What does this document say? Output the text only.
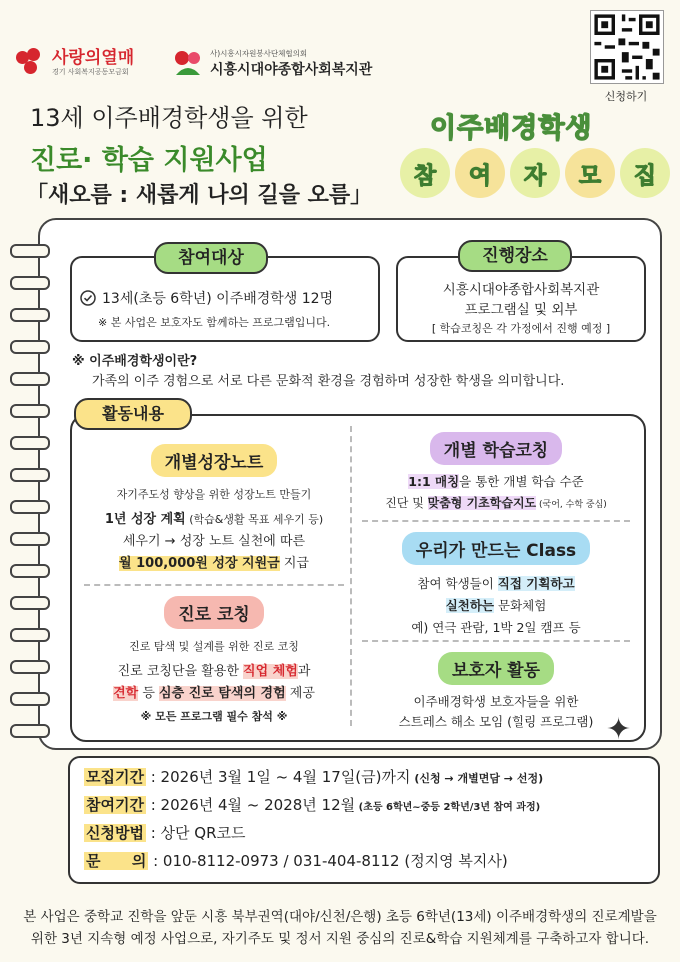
사랑의열매
경기 사회복지공동모금회
사)시흥시자원봉사단체협의회
시흥시대야종합사회복지관
신청하기
13세 이주배경학생을 위한
진로· 학습 지원사업
「새오름 : 새롭게 나의 길을 오름」
이주배경학생
참	여	자	모	집
참여대상
13세(초등 6학년) 이주배경학생 12명
※ 본 사업은 보호자도 함께하는 프로그램입니다.
진행장소
시흥시대야종합사회복지관
프로그램실 및 외부
[ 학습코칭은 각 가정에서 진행 예정 ]
※ 이주배경학생이란?
가족의 이주 경험으로 서로 다른 문화적 환경을 경험하며 성장한 학생을 의미합니다.
활동내용
개별성장노트
자기주도성 향상을 위한 성장노트 만들기
1년 성장 계획 (학습&생활 목표 세우기 등)
세우기 → 성장 노트 실천에 따른
월 100,000원 성장 지원금 지급
진로 코칭
진로 탐색 및 설계를 위한 진로 코칭
진로 코칭단을 활용한 직업 체험과
견학 등 심층 진로 탐색의 경험 제공
※ 모든 프로그램 필수 참석 ※
개별 학습코칭
1:1 매칭을 통한 개별 학습 수준
진단 및 맞춤형 기초학습지도 (국어, 수학 중심)
우리가 만드는 Class
참여 학생들이 직접 기획하고
실천하는 문화체험
예) 연극 관람, 1박 2일 캠프 등
보호자 활동
이주배경학생 보호자들을 위한
스트레스 해소 모임 (힐링 프로그램) ✦
모집기간 : 2026년 3월 1일 ~ 4월 17일(금)까지 (신청 → 개별면담 → 선정)
참여기간 : 2026년 4월 ~ 2028년 12월 (초등 6학년~중등 2학년/3년 참여 과정)
신청방법 : 상단 QR코드
문      의 : 010-8112-0973 / 031-404-8112 (정지영 복지사)
본 사업은 중학교 진학을 앞둔 시흥 북부권역(대야/신천/은행) 초등 6학년(13세) 이주배경학생의 진로계발을
위한 3년 지속형 예정 사업으로, 자기주도 및 정서 지원 중심의 진로&학습 지원체계를 구축하고자 합니다.
